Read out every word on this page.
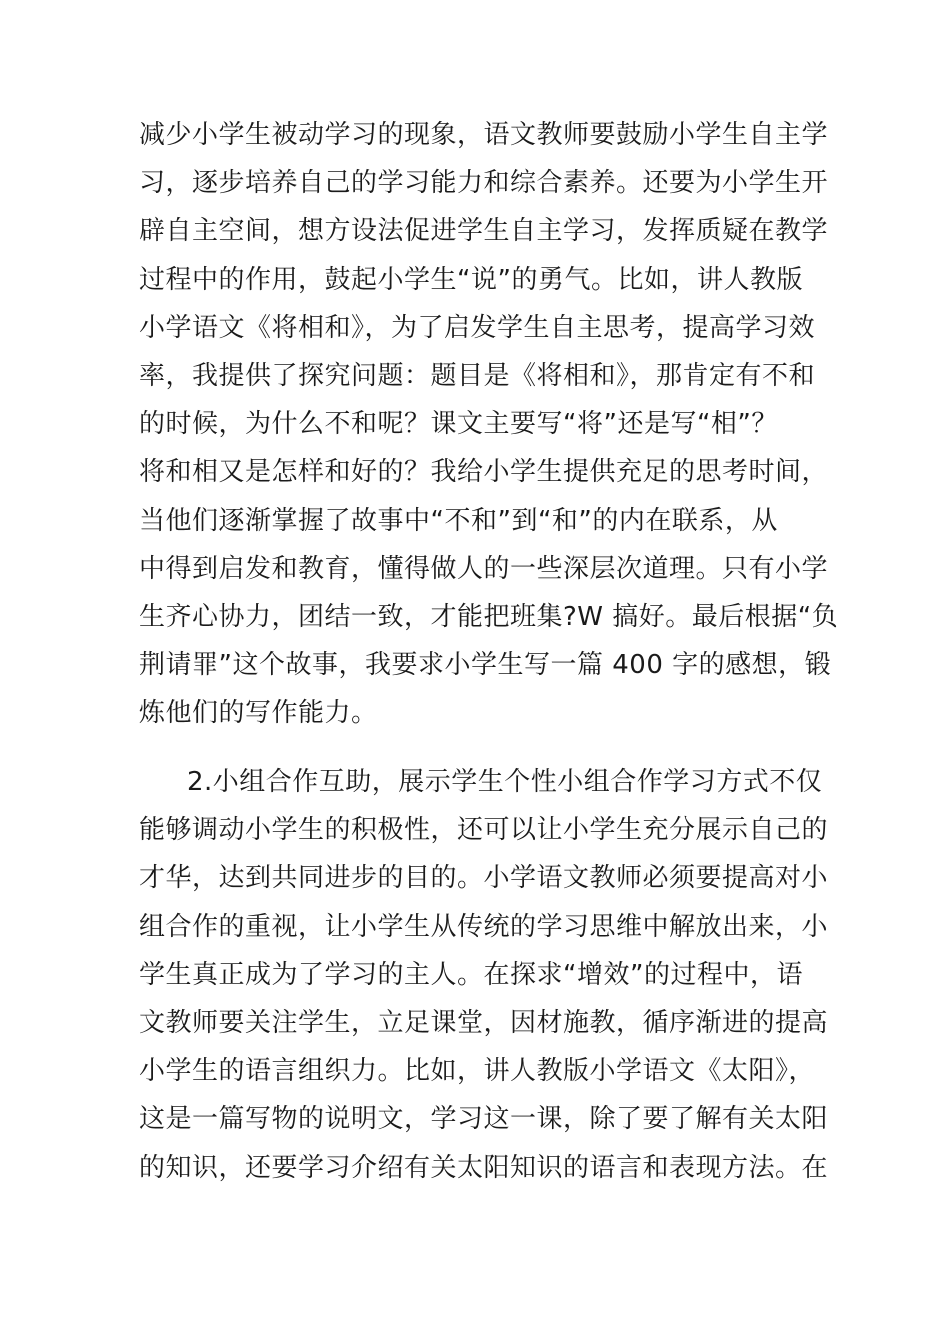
减少小学生被动学习的现象，语文教师要鼓励小学生自主学
习，逐步培养自己的学习能力和综合素养。还要为小学生开
辟自主空间，想方设法促进学生自主学习，发挥质疑在教学
过程中的作用，鼓起小学生“说”的勇气。比如，讲人教版
小学语文《将相和》，为了启发学生自主思考，提高学习效
率，我提供了探究问题：题目是《将相和》，那肯定有不和
的时候，为什么不和呢？课文主要写“将”还是写“相”？
将和相又是怎样和好的？我给小学生提供充足的思考时间，
当他们逐渐掌握了故事中“不和”到“和”的内在联系，从
中得到启发和教育，懂得做人的一些深层次道理。只有小学
生齐心协力，团结一致，才能把班集?W 搞好。最后根据“负
荆请罪”这个故事，我要求小学生写一篇 400 字的感想，锻
炼他们的写作能力。
2.小组合作互助，展示学生个性小组合作学习方式不仅
能够调动小学生的积极性，还可以让小学生充分展示自己的
才华，达到共同进步的目的。小学语文教师必须要提高对小
组合作的重视，让小学生从传统的学习思维中解放出来，小
学生真正成为了学习的主人。在探求“增效”的过程中，语
文教师要关注学生，立足课堂，因材施教，循序渐进的提高
小学生的语言组织力。比如，讲人教版小学语文《太阳》，
这是一篇写物的说明文，学习这一课，除了要了解有关太阳
的知识，还要学习介绍有关太阳知识的语言和表现方法。在
